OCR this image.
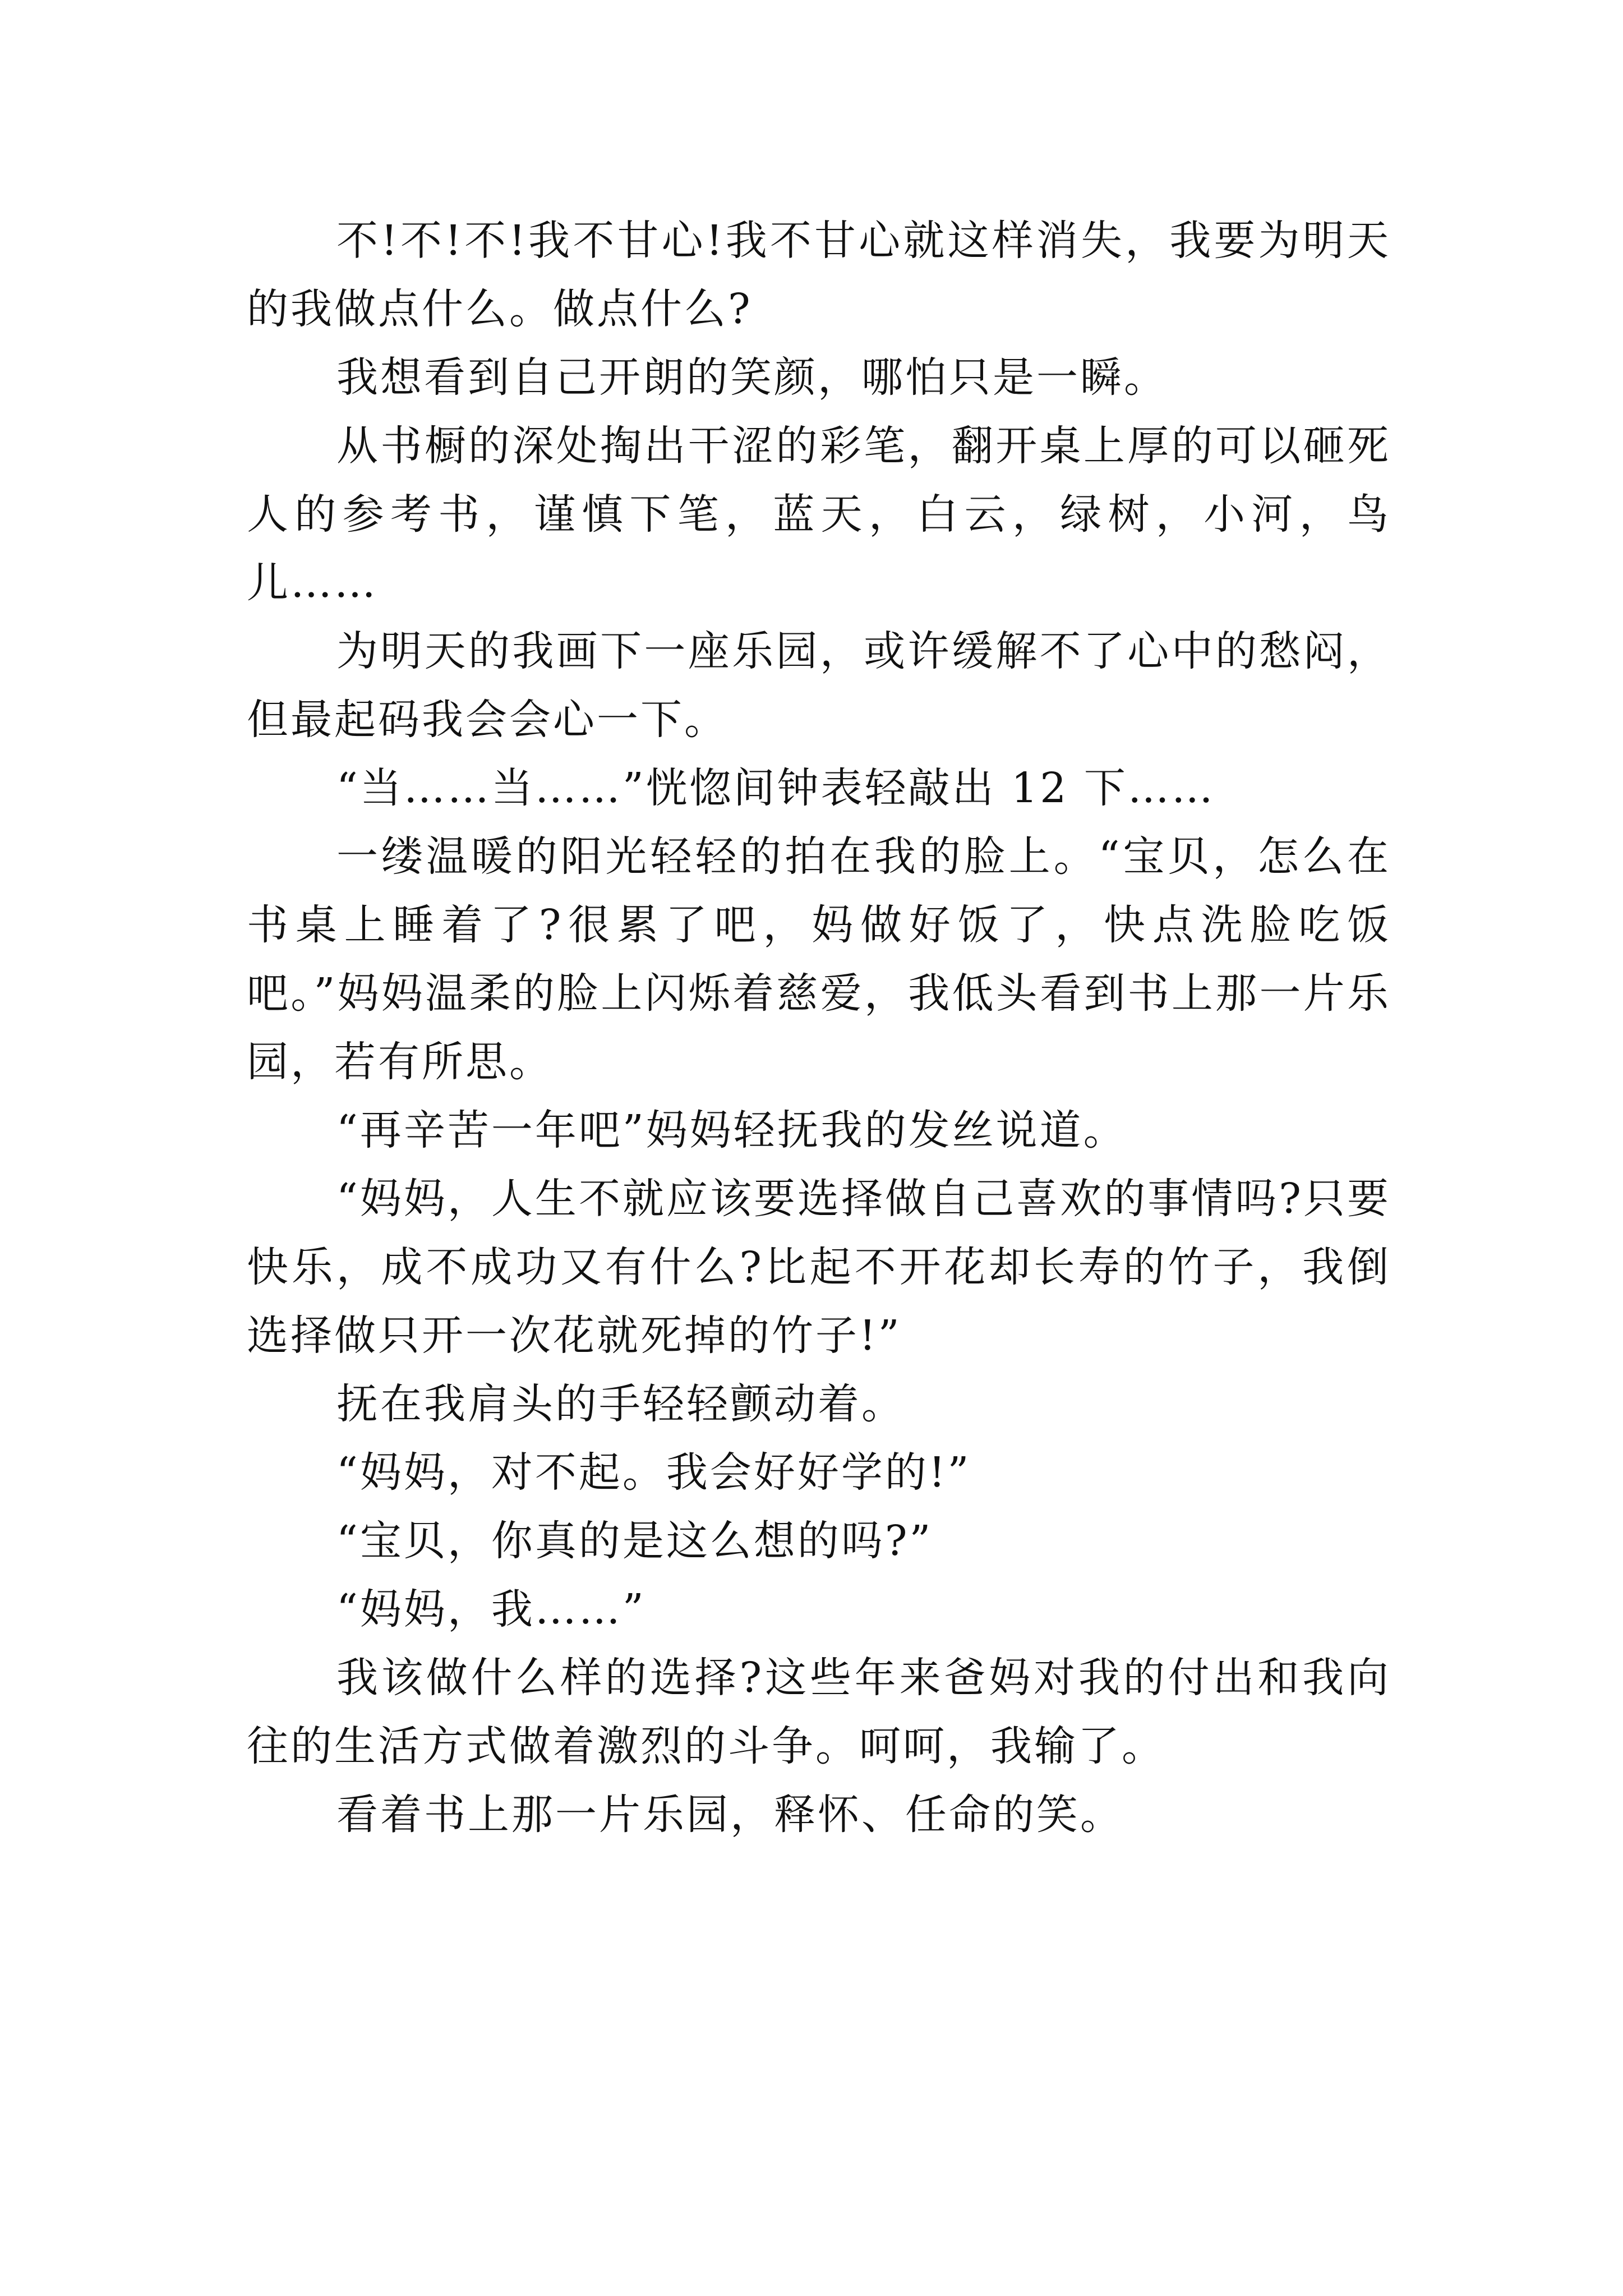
不!不!不!我不甘心!我不甘心就这样消失，我要为明天的我做点什么。做点什么?

我想看到自己开朗的笑颜，哪怕只是一瞬。

从书橱的深处掏出干涩的彩笔，翻开桌上厚的可以砸死人的参考书，谨慎下笔，蓝天，白云，绿树，小河，鸟儿……

为明天的我画下一座乐园，或许缓解不了心中的愁闷，但最起码我会会心一下。

“当……当……”恍惚间钟表轻敲出 12 下……

一缕温暖的阳光轻轻的拍在我的脸上。“宝贝，怎么在书桌上睡着了?很累了吧，妈做好饭了，快点洗脸吃饭吧。”妈妈温柔的脸上闪烁着慈爱，我低头看到书上那一片乐园，若有所思。

“再辛苦一年吧”妈妈轻抚我的发丝说道。

“妈妈，人生不就应该要选择做自己喜欢的事情吗?只要快乐，成不成功又有什么?比起不开花却长寿的竹子，我倒选择做只开一次花就死掉的竹子!”

抚在我肩头的手轻轻颤动着。

“妈妈，对不起。我会好好学的!”

“宝贝，你真的是这么想的吗?”

“妈妈，我……”

我该做什么样的选择?这些年来爸妈对我的付出和我向往的生活方式做着激烈的斗争。呵呵，我输了。

看着书上那一片乐园，释怀、任命的笑。
